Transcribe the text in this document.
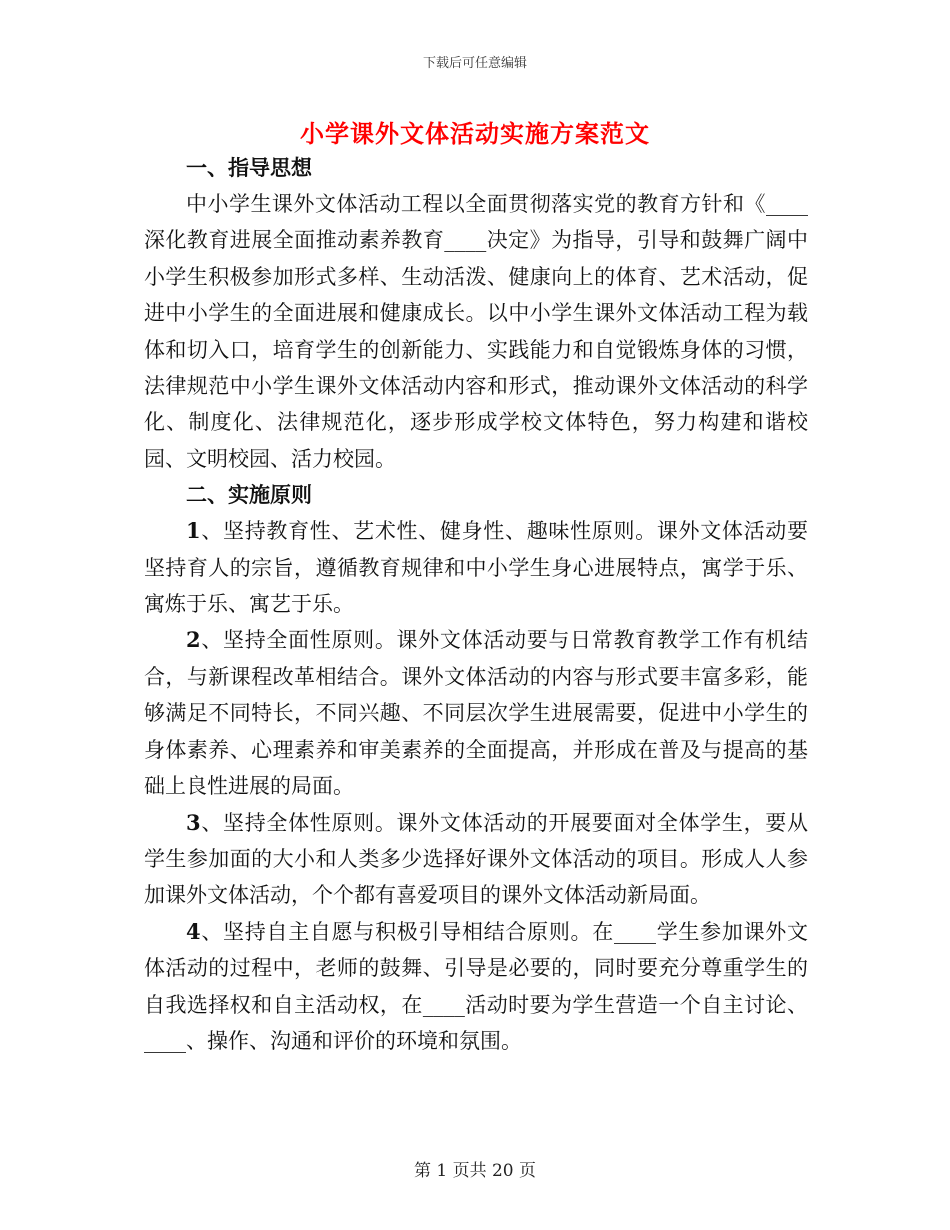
下载后可任意编辑
小学课外文体活动实施方案范文
一、指导思想

中小学生课外文体活动工程以全面贯彻落实党的教育方针和《____深化教育进展全面推动素养教育____决定》为指导，引导和鼓舞广阔中小学生积极参加形式多样、生动活泼、健康向上的体育、艺术活动，促进中小学生的全面进展和健康成长。以中小学生课外文体活动工程为载体和切入口，培育学生的创新能力、实践能力和自觉锻炼身体的习惯，法律规范中小学生课外文体活动内容和形式，推动课外文体活动的科学化、制度化、法律规范化，逐步形成学校文体特色，努力构建和谐校园、文明校园、活力校园。

二、实施原则

1、坚持教育性、艺术性、健身性、趣味性原则。课外文体活动要坚持育人的宗旨，遵循教育规律和中小学生身心进展特点，寓学于乐、寓炼于乐、寓艺于乐。

2、坚持全面性原则。课外文体活动要与日常教育教学工作有机结合，与新课程改革相结合。课外文体活动的内容与形式要丰富多彩，能够满足不同特长，不同兴趣、不同层次学生进展需要，促进中小学生的身体素养、心理素养和审美素养的全面提高，并形成在普及与提高的基础上良性进展的局面。

3、坚持全体性原则。课外文体活动的开展要面对全体学生，要从学生参加面的大小和人类多少选择好课外文体活动的项目。形成人人参加课外文体活动，个个都有喜爱项目的课外文体活动新局面。

4、坚持自主自愿与积极引导相结合原则。在____学生参加课外文体活动的过程中，老师的鼓舞、引导是必要的，同时要充分尊重学生的自我选择权和自主活动权，在____活动时要为学生营造一个自主讨论、____、操作、沟通和评价的环境和氛围。

第 1 页共 20 页
